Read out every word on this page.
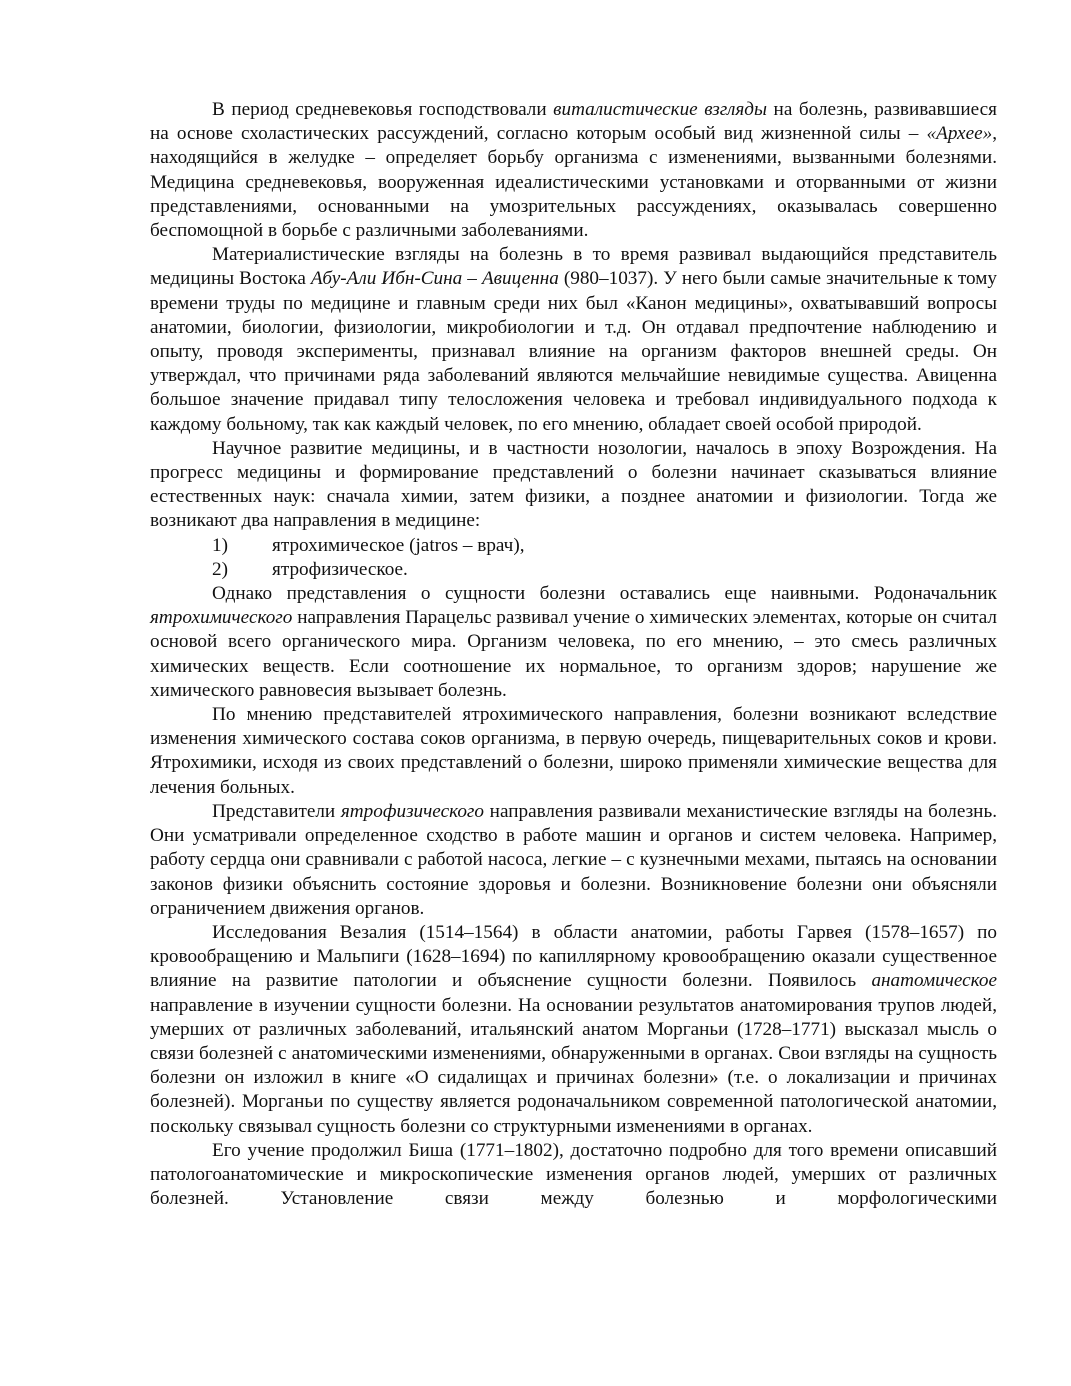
В период средневековья господствовали виталистические взгляды на болезнь, развивавшиеся на основе схоластических рассуждений, согласно которым особый вид жизненной силы – «Архее», находящийся в желудке – определяет борьбу организма с изменениями, вызванными болезнями. Медицина средневековья, вооруженная идеалистическими установками и оторванными от жизни представлениями, основанными на умозрительных рассуждениях, оказывалась совершенно беспомощной в борьбе с различными заболеваниями.

Материалистические взгляды на болезнь в то время развивал выдающийся представитель медицины Востока Абу-Али Ибн-Сина – Авиценна (980–1037). У него были самые значительные к тому времени труды по медицине и главным среди них был «Канон медицины», охватывавший вопросы анатомии, биологии, физиологии, микробиологии и т.д. Он отдавал предпочтение наблюдению и опыту, проводя эксперименты, признавал влияние на организм факторов внешней среды. Он утверждал, что причинами ряда заболеваний являются мельчайшие невидимые существа. Авиценна большое значение придавал типу телосложения человека и требовал индивидуального подхода к каждому больному, так как каждый человек, по его мнению, обладает своей особой природой.

Научное развитие медицины, и в частности нозологии, началось в эпоху Возрождения. На прогресс медицины и формирование представлений о болезни начинает сказываться влияние естественных наук: сначала химии, затем физики, а позднее анатомии и физиологии. Тогда же возникают два направления в медицине:

1) ятрохимическое (jatros – врач),

2) ятрофизическое.

Однако представления о сущности болезни оставались еще наивными. Родоначальник ятрохимического направления Парацельс развивал учение о химических элементах, которые он считал основой всего органического мира. Организм человека, по его мнению, – это смесь различных химических веществ. Если соотношение их нормальное, то организм здоров; нарушение же химического равновесия вызывает болезнь.

По мнению представителей ятрохимического направления, болезни возникают вследствие изменения химического состава соков организма, в первую очередь, пищеварительных соков и крови. Ятрохимики, исходя из своих представлений о болезни, широко применяли химические вещества для лечения больных.

Представители ятрофизического направления развивали механистические взгляды на болезнь. Они усматривали определенное сходство в работе машин и органов и систем человека. Например, работу сердца они сравнивали с работой насоса, легкие – с кузнечными мехами, пытаясь на основании законов физики объяснить состояние здоровья и болезни. Возникновение болезни они объясняли ограничением движения органов.

Исследования Везалия (1514–1564) в области анатомии, работы Гарвея (1578–1657) по кровообращению и Мальпиги (1628–1694) по капиллярному кровообращению оказали существенное влияние на развитие патологии и объяснение сущности болезни. Появилось анатомическое направление в изучении сущности болезни. На основании результатов анатомирования трупов людей, умерших от различных заболеваний, итальянский анатом Морганьи (1728–1771) высказал мысль о связи болезней с анатомическими изменениями, обнаруженными в органах. Свои взгляды на сущность болезни он изложил в книге «О сидалищах и причинах болезни» (т.е. о локализации и причинах болезней). Морганьи по существу является родоначальником современной патологической анатомии, поскольку связывал сущность болезни со структурными изменениями в органах.

Его учение продолжил Биша (1771–1802), достаточно подробно для того времени описавший патологоанатомические и микроскопические изменения органов людей, умерших от различных болезней. Установление связи между болезнью и морфологическими
